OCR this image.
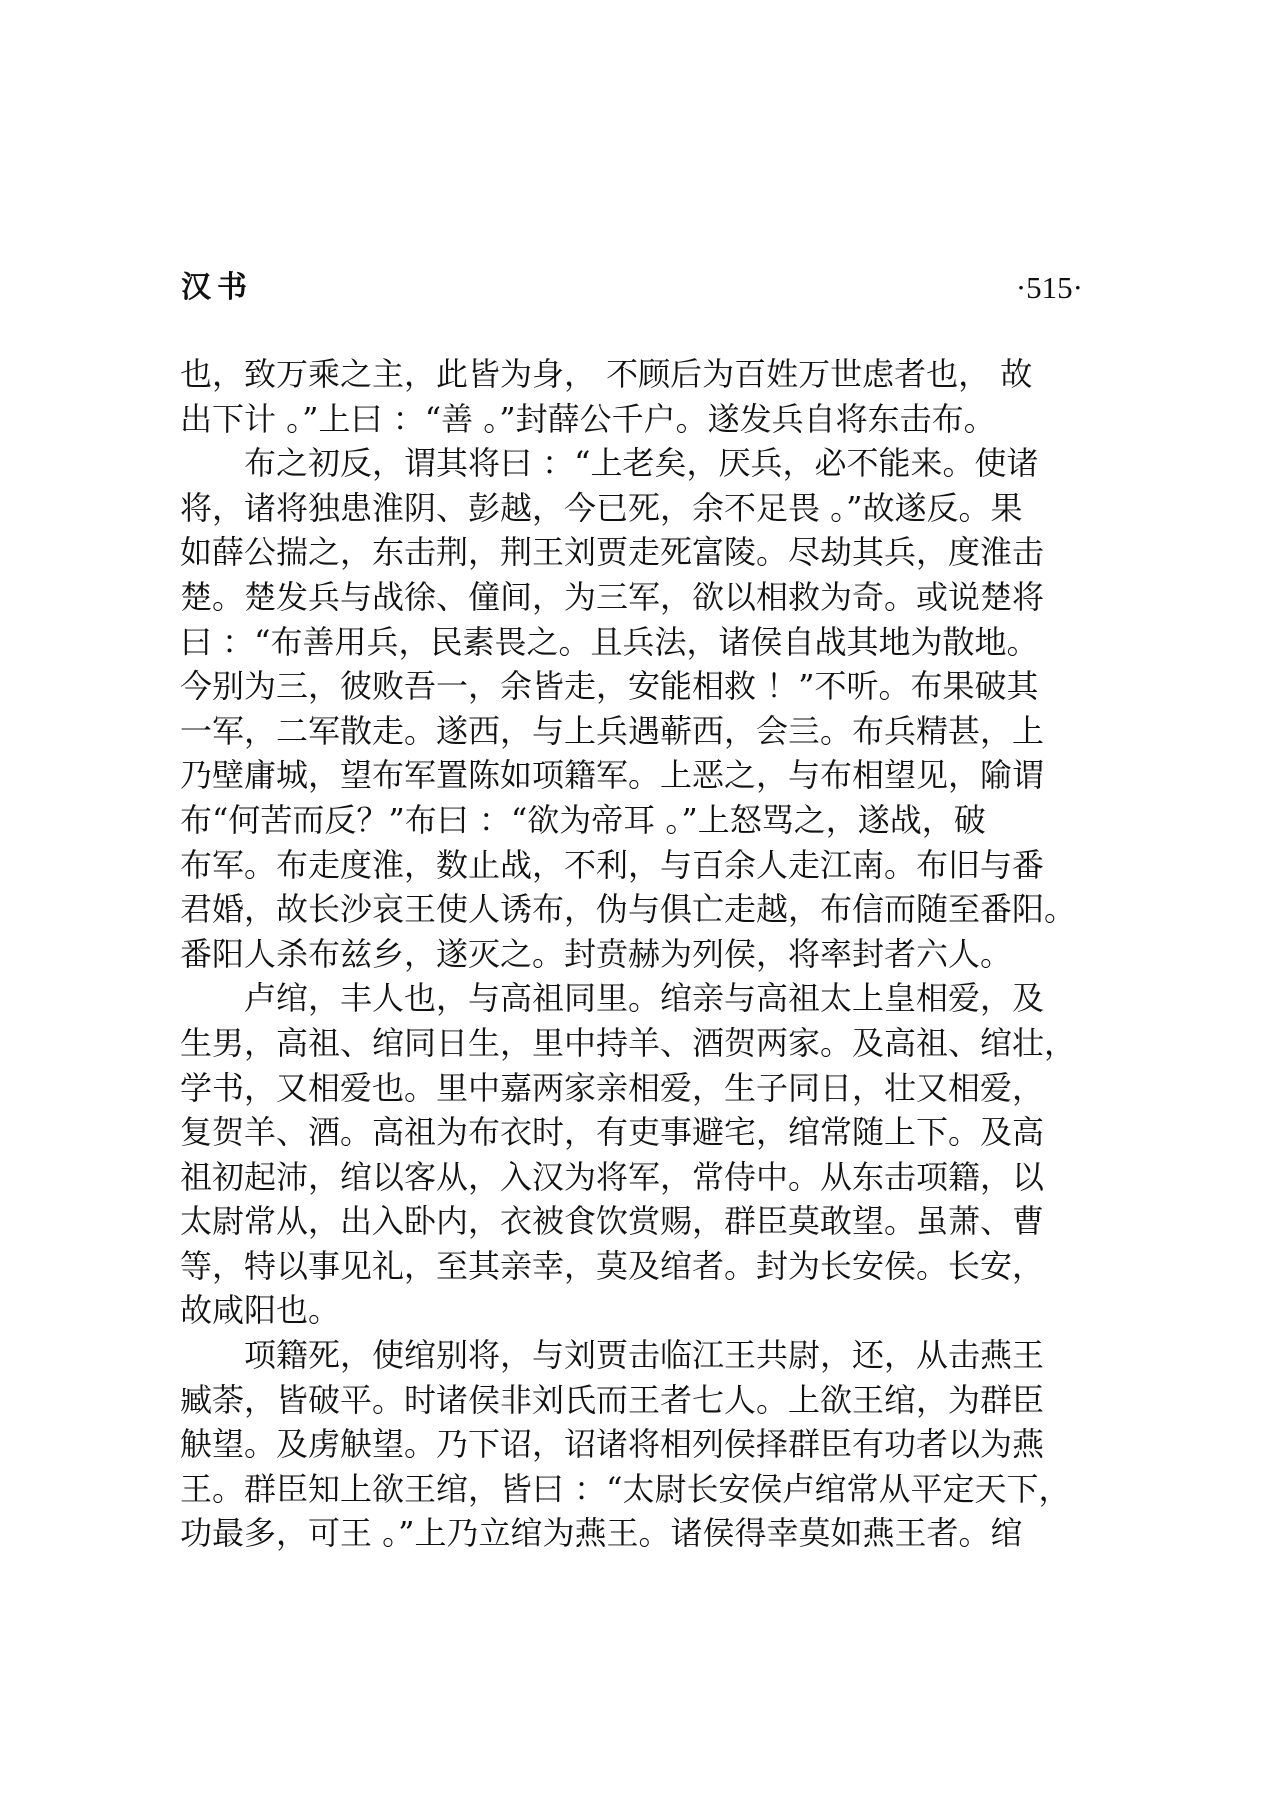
汉书	·515·
也，致万乘之主，此皆为身， 不顾后为百姓万世虑者也， 故
出下计 。”上曰 ：“善 。”封薛公千户。遂发兵自将东击布。
布之初反，谓其将曰 ：“上老矣，厌兵，必不能来。使诸
将，诸将独患淮阴、彭越，今已死，余不足畏 。”故遂反。果
如薛公揣之，东击荆，荆王刘贾走死富陵。尽劫其兵，度淮击
楚。楚发兵与战徐、僮间，为三军，欲以相救为奇。或说楚将
曰 ：“布善用兵，民素畏之。且兵法，诸侯自战其地为散地。
今别为三，彼败吾一，余皆走，安能相救 ！”不听。布果破其
一军，二军散走。遂西，与上兵遇蕲西，会亖。布兵精甚，上
乃壁庸城，望布军置陈如项籍军。上恶之，与布相望见，隃谓
布“何苦而反？”布曰 ：“欲为帝耳 。”上怒骂之，遂战，破
布军。布走度淮，数止战，不利，与百余人走江南。布旧与番
君婚，故长沙哀王使人诱布，伪与俱亡走越，布信而随至番阳。
番阳人杀布兹乡，遂灭之。封贲赫为列侯，将率封者六人。
卢绾，丰人也，与高祖同里。绾亲与高祖太上皇相爱，及
生男，高祖、绾同日生，里中持羊、酒贺两家。及高祖、绾壮，
学书，又相爱也。里中嘉两家亲相爱，生子同日，壮又相爱，
复贺羊、酒。高祖为布衣时，有吏事避宅，绾常随上下。及高
祖初起沛，绾以客从，入汉为将军，常侍中。从东击项籍，以
太尉常从，出入卧内，衣被食饮赏赐，群臣莫敢望。虽萧、曹
等，特以事见礼，至其亲幸，莫及绾者。封为长安侯。长安，
故咸阳也。
项籍死，使绾别将，与刘贾击临江王共尉，还，从击燕王
臧荼，皆破平。时诸侯非刘氏而王者七人。上欲王绾，为群臣
觖望。及虏觖望。乃下诏，诏诸将相列侯择群臣有功者以为燕
王。群臣知上欲王绾，皆曰 ：“太尉长安侯卢绾常从平定天下，
功最多，可王 。”上乃立绾为燕王。诸侯得幸莫如燕王者。绾
